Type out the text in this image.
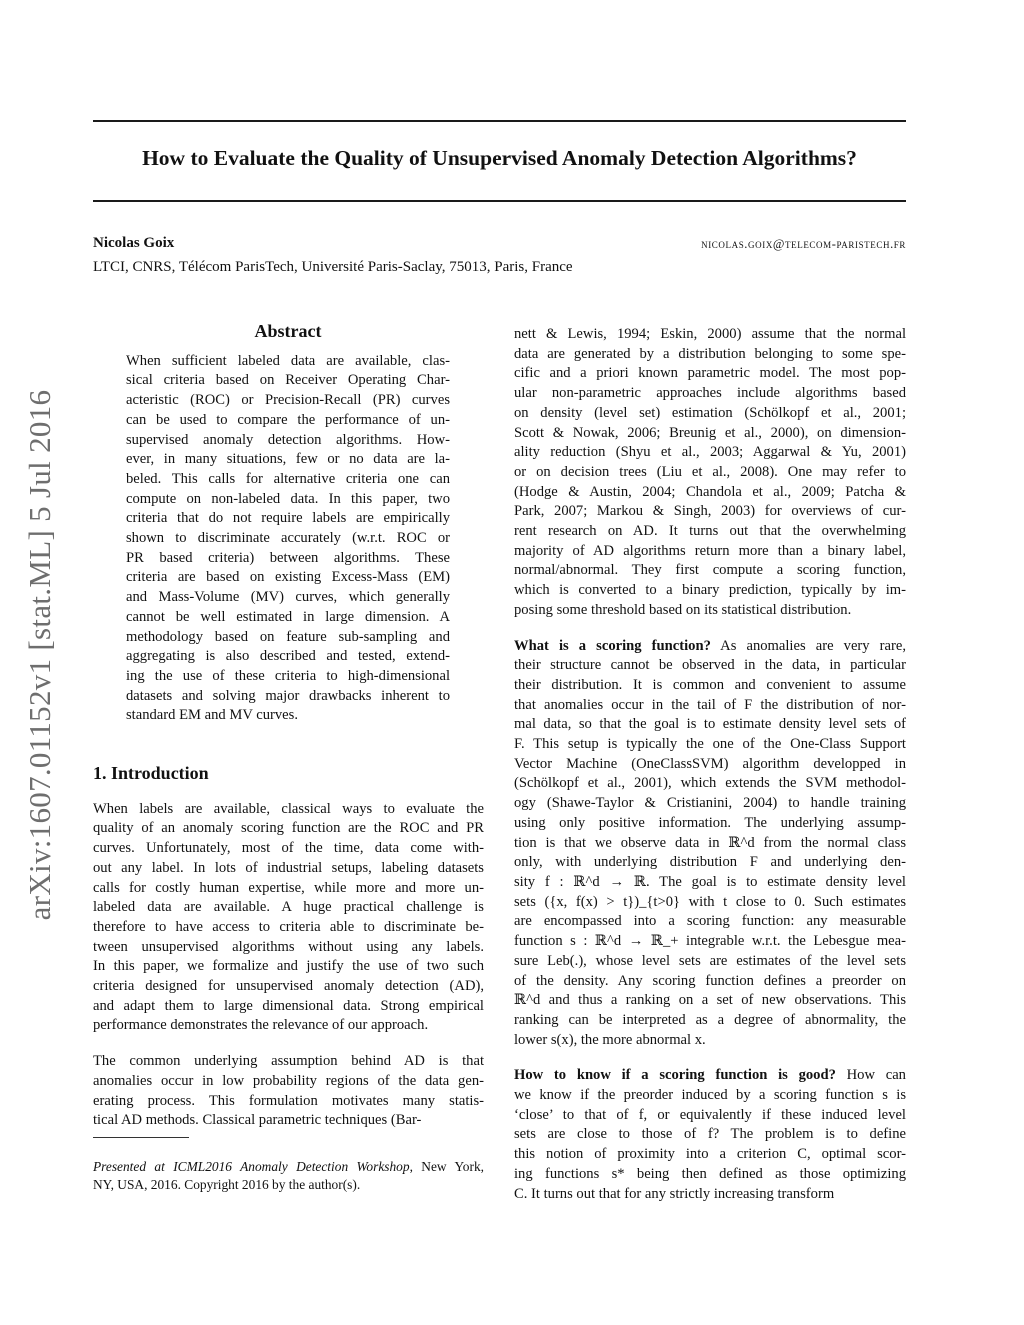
arXiv:1607.01152v1 [stat.ML] 5 Jul 2016
How to Evaluate the Quality of Unsupervised Anomaly Detection Algorithms?
Nicolas Goix	nicolas.goix@telecom-paristech.fr
LTCI, CNRS, Télécom ParisTech, Université Paris-Saclay, 75013, Paris, France
Abstract
When sufficient labeled data are available, clas-
sical criteria based on Receiver Operating Char-
acteristic (ROC) or Precision-Recall (PR) curves
can be used to compare the performance of un-
supervised anomaly detection algorithms. How-
ever, in many situations, few or no data are la-
beled. This calls for alternative criteria one can
compute on non-labeled data. In this paper, two
criteria that do not require labels are empirically
shown to discriminate accurately (w.r.t. ROC or
PR based criteria) between algorithms. These
criteria are based on existing Excess-Mass (EM)
and Mass-Volume (MV) curves, which generally
cannot be well estimated in large dimension. A
methodology based on feature sub-sampling and
aggregating is also described and tested, extend-
ing the use of these criteria to high-dimensional
datasets and solving major drawbacks inherent to
standard EM and MV curves.
1. Introduction
When labels are available, classical ways to evaluate the
quality of an anomaly scoring function are the ROC and PR
curves. Unfortunately, most of the time, data come with-
out any label. In lots of industrial setups, labeling datasets
calls for costly human expertise, while more and more un-
labeled data are available. A huge practical challenge is
therefore to have access to criteria able to discriminate be-
tween unsupervised algorithms without using any labels.
In this paper, we formalize and justify the use of two such
criteria designed for unsupervised anomaly detection (AD),
and adapt them to large dimensional data. Strong empirical
performance demonstrates the relevance of our approach.
The common underlying assumption behind AD is that
anomalies occur in low probability regions of the data gen-
erating process. This formulation motivates many statis-
tical AD methods. Classical parametric techniques (Bar-
Presented at ICML2016 Anomaly Detection Workshop, New York,
NY, USA, 2016. Copyright 2016 by the author(s).
nett & Lewis, 1994; Eskin, 2000) assume that the normal
data are generated by a distribution belonging to some spe-
cific and a priori known parametric model. The most pop-
ular non-parametric approaches include algorithms based
on density (level set) estimation (Schölkopf et al., 2001;
Scott & Nowak, 2006; Breunig et al., 2000), on dimension-
ality reduction (Shyu et al., 2003; Aggarwal & Yu, 2001)
or on decision trees (Liu et al., 2008). One may refer to
(Hodge & Austin, 2004; Chandola et al., 2009; Patcha &
Park, 2007; Markou & Singh, 2003) for overviews of cur-
rent research on AD. It turns out that the overwhelming
majority of AD algorithms return more than a binary label,
normal/abnormal. They first compute a scoring function,
which is converted to a binary prediction, typically by im-
posing some threshold based on its statistical distribution.
What is a scoring function? As anomalies are very rare,
their structure cannot be observed in the data, in particular
their distribution. It is common and convenient to assume
that anomalies occur in the tail of F the distribution of nor-
mal data, so that the goal is to estimate density level sets of
F. This setup is typically the one of the One-Class Support
Vector Machine (OneClassSVM) algorithm developped in
(Schölkopf et al., 2001), which extends the SVM methodol-
ogy (Shawe-Taylor & Cristianini, 2004) to handle training
using only positive information. The underlying assump-
tion is that we observe data in ℝ^d from the normal class
only, with underlying distribution F and underlying den-
sity f : ℝ^d → ℝ. The goal is to estimate density level
sets ({x, f(x) > t})_{t>0} with t close to 0. Such estimates
are encompassed into a scoring function: any measurable
function s : ℝ^d → ℝ_+ integrable w.r.t. the Lebesgue mea-
sure Leb(.), whose level sets are estimates of the level sets
of the density. Any scoring function defines a preorder on
ℝ^d and thus a ranking on a set of new observations. This
ranking can be interpreted as a degree of abnormality, the
lower s(x), the more abnormal x.
How to know if a scoring function is good? How can
we know if the preorder induced by a scoring function s is
‘close’ to that of f, or equivalently if these induced level
sets are close to those of f? The problem is to define
this notion of proximity into a criterion C, optimal scor-
ing functions s* being then defined as those optimizing
C. It turns out that for any strictly increasing transform
